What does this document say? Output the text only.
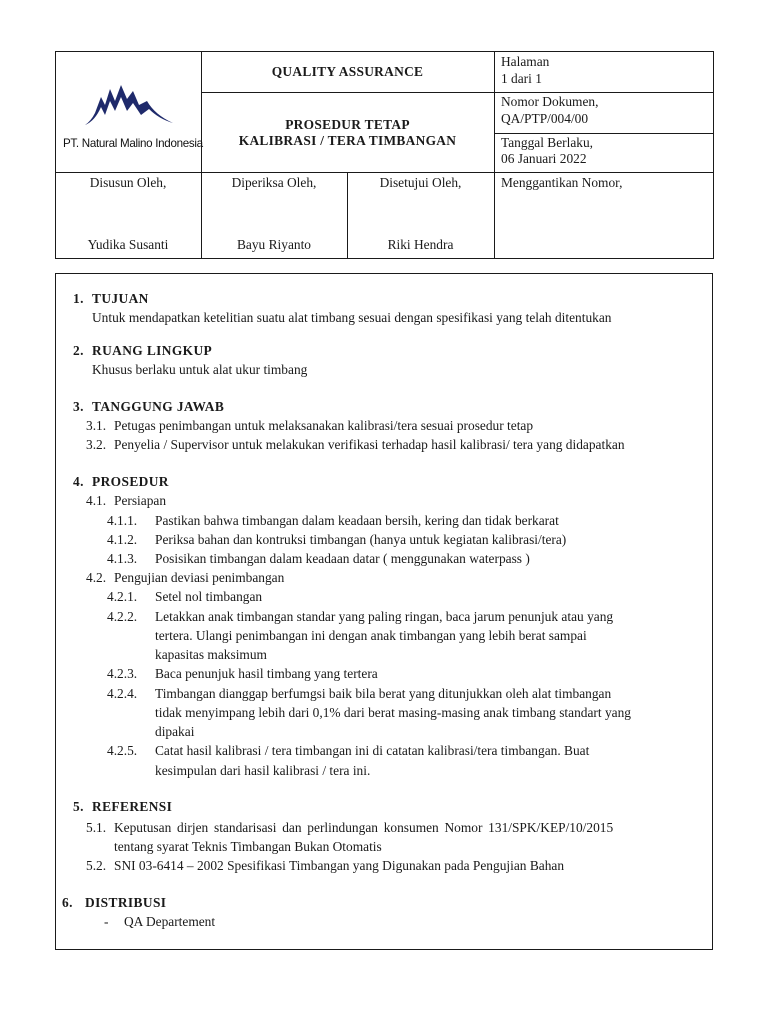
PT. Natural Malino Indonesia
QUALITY ASSURANCE
PROSEDUR TETAP
KALIBRASI / TERA TIMBANGAN
Halaman
1 dari 1
Nomor Dokumen,
QA/PTP/004/00
Tanggal Berlaku,
06 Januari 2022
Disusun Oleh,
Yudika Susanti
Diperiksa Oleh,
Bayu Riyanto
Disetujui Oleh,
Riki Hendra
Menggantikan Nomor,
1. TUJUAN
Untuk mendapatkan ketelitian suatu alat timbang sesuai dengan spesifikasi yang telah ditentukan
2. RUANG LINGKUP
Khusus berlaku untuk alat ukur timbang
3. TANGGUNG JAWAB
3.1. Petugas penimbangan untuk melaksanakan kalibrasi/tera sesuai prosedur tetap
3.2. Penyelia / Supervisor untuk melakukan verifikasi terhadap hasil kalibrasi/ tera yang didapatkan
4. PROSEDUR
4.1. Persiapan
4.1.1. Pastikan bahwa timbangan dalam keadaan bersih, kering dan tidak berkarat
4.1.2. Periksa bahan dan kontruksi timbangan (hanya untuk kegiatan kalibrasi/tera)
4.1.3. Posisikan timbangan dalam keadaan datar ( menggunakan waterpass )
4.2. Pengujian deviasi penimbangan
4.2.1. Setel nol timbangan
4.2.2. Letakkan anak timbangan standar yang paling ringan, baca jarum penunjuk atau yang
tertera. Ulangi penimbangan ini dengan anak timbangan yang lebih berat sampai
kapasitas maksimum
4.2.3. Baca penunjuk hasil timbang yang tertera
4.2.4. Timbangan dianggap berfumgsi baik bila berat yang ditunjukkan oleh alat timbangan
tidak menyimpang lebih dari 0,1% dari berat masing-masing anak timbang standart yang
dipakai
4.2.5. Catat hasil kalibrasi / tera timbangan ini di catatan kalibrasi/tera timbangan. Buat
kesimpulan dari hasil kalibrasi / tera ini.
5. REFERENSI
5.1. Keputusan dirjen standarisasi dan perlindungan konsumen Nomor 131/SPK/KEP/10/2015
tentang syarat Teknis Timbangan Bukan Otomatis
5.2. SNI 03-6414 – 2002 Spesifikasi Timbangan yang Digunakan pada Pengujian Bahan
6. DISTRIBUSI
- QA Departement
